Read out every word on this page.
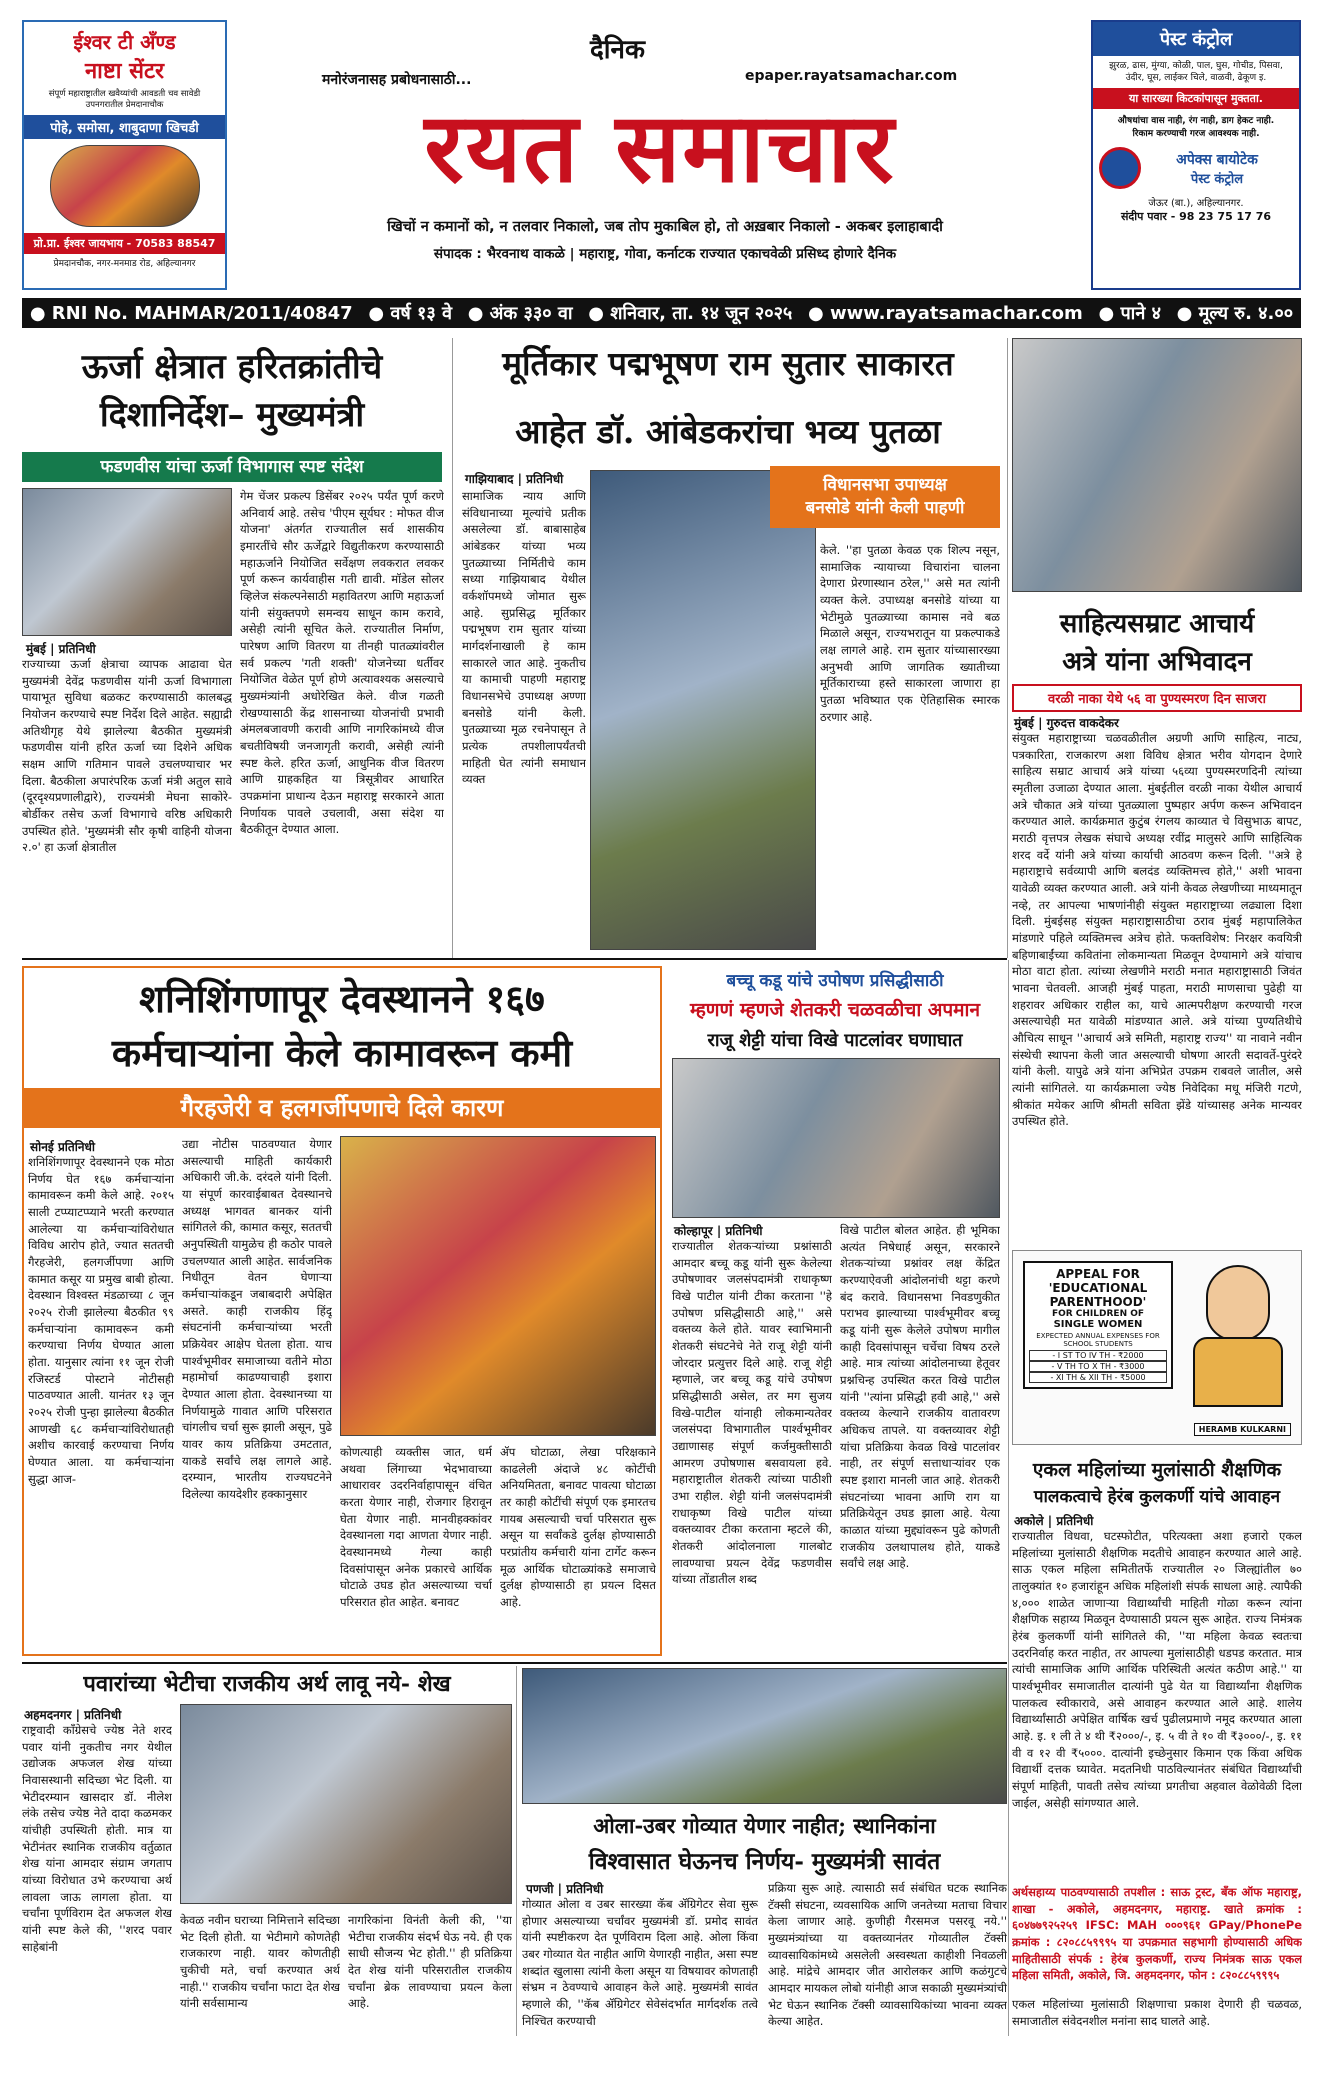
ईश्वर टी अँण्ड
नाष्टा सेंटर
संपूर्ण महाराष्ट्रातील खवैय्यांची आवडती चव सावेडी उपनगरातील प्रेमदानाचौक
पोहे, समोसा, शाबुदाणा खिचडी
प्रो.प्रा. ईश्वर जायभाय - 70583 88547
प्रेमदानचौक, नगर-मनमाड रोड, अहिल्यानगर
दैनिक
मनोरंजनासह प्रबोधनासाठी...	epaper.rayatsamachar.com
रयत समाचार
खिचों न कमानों को, न तलवार निकालो, जब तोप मुकाबिल हो, तो अख़बार निकालो - अकबर इलाहाबादी
संपादक : भैरवनाथ वाकळे | महाराष्ट्र, गोवा, कर्नाटक राज्यात एकाचवेळी प्रसिध्द होणारे दैनिक
पेस्ट कंट्रोल
झुरळ, ढास, मुंग्या, कोळी, पाल, घुस, गोचीड, पिसवा, उंदीर, घूस, लाईकर चिले, वाळवी, ढेकूण इ.
या सारख्या किटकांपासून मुक्तता.
औषधांचा वास नाही, रंग नाही, डाग हेकट नाही.
रिकाम करण्याची गरज आवश्यक नाही.
अपेक्स बायोटेक
पेस्ट कंट्रोल
जेऊर (बा.), अहिल्यानगर.
संदीप पवार - 98 23 75 17 76
● RNI No. MAHMAR/2011/40847 ● वर्ष १३ वे ● अंक ३३० वा ● शनिवार, ता. १४ जून २०२५ ● www.rayatsamachar.com ● पाने ४ ● मूल्य रु. ४.००
ऊर्जा क्षेत्रात हरितक्रांतीचे
दिशानिर्देश– मुख्यमंत्री
फडणवीस यांचा ऊर्जा विभागास स्पष्ट संदेश
मुंबई | प्रतिनिधी
राज्याच्या ऊर्जा क्षेत्राचा व्यापक आढावा घेत मुख्यमंत्री देवेंद्र फडणवीस यांनी ऊर्जा विभागाला पायाभूत सुविधा बळकट करण्यासाठी कालबद्ध नियोजन करण्याचे स्पष्ट निर्देश दिले आहेत. सह्याद्री अतिथीगृह येथे झालेल्या बैठकीत मुख्यमंत्री फडणवीस यांनी हरित ऊर्जा च्या दिशेने अधिक सक्षम आणि गतिमान पावले उचलण्याचार भर दिला. बैठकीला अपारंपरिक ऊर्जा मंत्री अतुल सावे (दूरदृश्यप्रणालीद्वारे), राज्यमंत्री मेघना साकोरे-बोर्डीकर तसेच ऊर्जा विभागाचे वरिष्ठ अधिकारी उपस्थित होते. 'मुख्यमंत्री सौर कृषी वाहिनी योजना २.०' हा ऊर्जा क्षेत्रातील
गेम चेंजर प्रकल्प डिसेंबर २०२५ पर्यंत पूर्ण करणे अनिवार्य आहे. तसेच 'पीएम सूर्यघर : मोफत वीज योजना' अंतर्गत राज्यातील सर्व शासकीय इमारतींचे सौर ऊर्जेद्वारे विद्युतीकरण करण्यासाठी महाऊर्जाने नियोजित सर्वेक्षण लवकरात लवकर पूर्ण करून कार्यवाहीस गती द्यावी. मॉडेल सोलर व्हिलेज संकल्पनेसाठी महावितरण आणि महाऊर्जा यांनी संयुक्तपणे समन्वय साधून काम करावे, असेही त्यांनी सूचित केले. राज्यातील निर्माण, पारेषण आणि वितरण या तीनही पातळ्यांवरील सर्व प्रकल्प 'गती शक्ती' योजनेच्या धर्तीवर नियोजित वेळेत पूर्ण होणे अत्यावश्यक असल्याचे मुख्यमंत्र्यांनी अधोरेखित केले. वीज गळती रोखण्यासाठी केंद्र शासनाच्या योजनांची प्रभावी अंमलबजावणी करावी आणि नागरिकांमध्ये वीज बचतीविषयी जनजागृती करावी, असेही त्यांनी स्पष्ट केले. हरित ऊर्जा, आधुनिक वीज वितरण आणि ग्राहकहित या त्रिसूत्रीवर आधारित उपक्रमांना प्राधान्य देऊन महाराष्ट्र सरकारने आता निर्णायक पावले उचलावी, असा संदेश या बैठकीतून देण्यात आला.
मूर्तिकार पद्मभूषण राम सुतार साकारत
आहेत डॉ. आंबेडकरांचा भव्य पुतळा
गाझियाबाद | प्रतिनिधी
सामाजिक न्याय आणि संविधानाच्या मूल्यांचे प्रतीक असलेल्या डॉ. बाबासाहेब आंबेडकर यांच्या भव्य पुतळ्याच्या निर्मितीचे काम सध्या गाझियाबाद येथील वर्कशॉपमध्ये जोमात सुरू आहे. सुप्रसिद्ध मूर्तिकार पद्मभूषण राम सुतार यांच्या मार्गदर्शनाखाली हे काम साकारले जात आहे. नुकतीच या कामाची पाहणी महाराष्ट्र विधानसभेचे उपाध्यक्ष अण्णा बनसोडे यांनी केली. पुतळ्याच्या मूळ रचनेपासून ते प्रत्येक तपशीलापर्यंतची माहिती घेत त्यांनी समाधान व्यक्त
विधानसभा उपाध्यक्ष
बनसोडे यांनी केली पाहणी
केले. ''हा पुतळा केवळ एक शिल्प नसून, सामाजिक न्यायाच्या विचारांना चालना देणारा प्रेरणास्थान ठरेल,'' असे मत त्यांनी व्यक्त केले. उपाध्यक्ष बनसोडे यांच्या या भेटीमुळे पुतळ्याच्या कामास नवे बळ मिळाले असून, राज्यभरातून या प्रकल्पाकडे लक्ष लागले आहे. राम सुतार यांच्यासारख्या अनुभवी आणि जागतिक ख्यातीच्या मूर्तिकाराच्या हस्ते साकारला जाणारा हा पुतळा भविष्यात एक ऐतिहासिक स्मारक ठरणार आहे.
साहित्यसम्राट आचार्य
अत्रे यांना अभिवादन
वरळी नाका येथे ५६ वा पुण्यस्मरण दिन साजरा
मुंबई | गुरुदत्त वाकदेकर
संयुक्त महाराष्ट्राच्या चळवळीतील अग्रणी आणि साहित्य, नाट्य, पत्रकारिता, राजकारण अशा विविध क्षेत्रात भरीव योगदान देणारे साहित्य सम्राट आचार्य अत्रे यांच्या ५६व्या पुण्यस्मरणदिनी त्यांच्या स्मृतीला उजाळा देण्यात आला. मुंबईतील वरळी नाका येथील आचार्य अत्रे चौकात अत्रे यांच्या पुतळ्याला पुष्पहार अर्पण करून अभिवादन करण्यात आले. कार्यक्रमात कुटुंब रंगलय काव्यात चे विसुभाऊ बापट, मराठी वृत्तपत्र लेखक संघाचे अध्यक्ष रवींद्र मालुसरे आणि साहित्यिक शरद वर्दे यांनी अत्रे यांच्या कार्याची आठवण करून दिली. ''अत्रे हे महाराष्ट्राचे सर्वव्यापी आणि बलदंड व्यक्तिमत्त्व होते,'' अशी भावना यावेळी व्यक्त करण्यात आली. अत्रे यांनी केवळ लेखणीच्या माध्यमातून नव्हे, तर आपल्या भाषणांनीही संयुक्त महाराष्ट्राच्या लढ्याला दिशा दिली. मुंबईसह संयुक्त महाराष्ट्रासाठीचा ठराव मुंबई महापालिकेत मांडणारे पहिले व्यक्तिमत्त्व अत्रेच होते. फक्तविशेष: निरक्षर कवयित्री बहिणाबाईंच्या कवितांना लोकमान्यता मिळवून देण्यामागे अत्रे यांचाच मोठा वाटा होता. त्यांच्या लेखणीने मराठी मनात महाराष्ट्रासाठी जिवंत भावना चेतवली. आजही मुंबई पाहता, मराठी माणसाचा पुढेही या शहरावर अधिकार राहील का, याचे आत्मपरीक्षण करण्याची गरज असल्याचेही मत यावेळी मांडण्यात आले. अत्रे यांच्या पुण्यतिथीचे औचित्य साधून ''आचार्य अत्रे समिती, महाराष्ट्र राज्य'' या नावाने नवीन संस्थेची स्थापना केली जात असल्याची घोषणा आरती सदावर्ते-पुरंदरे यांनी केली. यापुढे अत्रे यांना अभिप्रेत उपक्रम राबवले जातील, असे त्यांनी सांगितले. या कार्यक्रमाला ज्येष्ठ निवेदिका मधू मंजिरी गटणे, श्रीकांत मयेकर आणि श्रीमती सविता झेंडे यांच्यासह अनेक मान्यवर उपस्थित होते.
APPEAL FOR
'EDUCATIONAL
PARENTHOOD'
FOR CHILDREN OF
SINGLE WOMEN
EXPECTED ANNUAL EXPENSES FOR SCHOOL STUDENTS
- I ST TO IV TH - ₹2000
- V TH TO X TH - ₹3000
- XI TH & XII TH - ₹5000
HERAMB KULKARNI
एकल महिलांच्या मुलांसाठी शैक्षणिक
पालकत्वाचे हेरंब कुलकर्णी यांचे आवाहन
अकोले | प्रतिनिधी
राज्यातील विधवा, घटस्फोटीत, परित्यक्ता अशा हजारो एकल महिलांच्या मुलांसाठी शैक्षणिक मदतीचे आवाहन करण्यात आले आहे. साऊ एकल महिला समितीतर्फे राज्यातील २० जिल्ह्यांतील ७० तालुक्यांत १० हजारांहून अधिक महिलांशी संपर्क साधला आहे. त्यापैकी ४,००० शाळेत जाणाऱ्या विद्यार्थ्यांची माहिती गोळा करून त्यांना शैक्षणिक सहाय्य मिळवून देण्यासाठी प्रयत्न सुरू आहेत. राज्य निमंत्रक हेरंब कुलकर्णी यांनी सांगितले की, ''या महिला केवळ स्वतःचा उदरनिर्वाह करत नाहीत, तर आपल्या मुलांसाठीही धडपड करतात. मात्र त्यांची सामाजिक आणि आर्थिक परिस्थिती अत्यंत कठीण आहे.'' या पार्श्वभूमीवर समाजातील दात्यांनी पुढे येत या विद्यार्थ्यांना शैक्षणिक पालकत्व स्वीकारावे, असे आवाहन करण्यात आले आहे. शालेय विद्यार्थ्यांसाठी अपेक्षित वार्षिक खर्च पुढीलप्रमाणे नमूद करण्यात आला आहे. इ. १ ली ते ४ थी ₹२०००/-, इ. ५ वी ते १० वी ₹३०००/-, इ. ११ वी व १२ वी ₹५०००. दात्यांनी इच्छेनुसार किमान एक किंवा अधिक विद्यार्थी दत्तक घ्यावेत. मदतनिधी पाठविल्यानंतर संबंधित विद्यार्थ्यांची संपूर्ण माहिती, पावती तसेच त्यांच्या प्रगतीचा अहवाल वेळोवेळी दिला जाईल, असेही सांगण्यात आले.
अर्थसहाय्य पाठवण्यासाठी तपशील : साऊ ट्रस्ट, बँक ऑफ महाराष्ट्र, शाखा - अकोले, अहमदनगर, महाराष्ट्र. खाते क्रमांक : ६०४७७९२५२५९ IFSC: MAH ०००९६१ GPay/PhonePe क्रमांक : ८२०८८५९९९५ या उपक्रमात सहभागी होण्यासाठी अधिक माहितीसाठी संपर्क : हेरंब कुलकर्णी, राज्य निमंत्रक साऊ एकल महिला समिती, अकोले, जि. अहमदनगर, फोन : ८२०८८५९९९५
एकल महिलांच्या मुलांसाठी शिक्षणाचा प्रकाश देणारी ही चळवळ, समाजातील संवेदनशील मनांना साद घालते आहे.
शनिशिंगणापूर देवस्थानने १६७
कर्मचाऱ्यांना केले कामावरून कमी
गैरहजेरी व हलगर्जीपणाचे दिले कारण
सोनई प्रतिनिधी
शनिशिंगणापूर देवस्थानने एक मोठा निर्णय घेत १६७ कर्मचाऱ्यांना कामावरून कमी केले आहे. २०१५ साली टप्प्याटप्प्याने भरती करण्यात आलेल्या या कर्मचाऱ्यांविरोधात विविध आरोप होते, ज्यात सततची गैरहजेरी, हलगर्जीपणा आणि कामात कसूर या प्रमुख बाबी होत्या. देवस्थान विश्वस्त मंडळाच्या ८ जून २०२५ रोजी झालेल्या बैठकीत ९९ कर्मचाऱ्यांना कामावरून कमी करण्याचा निर्णय घेण्यात आला होता. यानुसार त्यांना ११ जून रोजी रजिस्टर्ड पोस्टाने नोटीसही पाठवण्यात आली. यानंतर १३ जून २०२५ रोजी पुन्हा झालेल्या बैठकीत आणखी ६८ कर्मचाऱ्यांविरोधातही अशीच कारवाई करण्याचा निर्णय घेण्यात आला. या कर्मचाऱ्यांना सुद्धा आज-
उद्या नोटीस पाठवण्यात येणार असल्याची माहिती कार्यकारी अधिकारी जी.के. दरंदले यांनी दिली. या संपूर्ण कारवाईबाबत देवस्थानचे अध्यक्ष भागवत बानकर यांनी सांगितले की, कामात कसूर, सततची अनुपस्थिती यामुळेच ही कठोर पावले उचलण्यात आली आहेत. सार्वजनिक निधीतून वेतन घेणाऱ्या कर्मचाऱ्यांकडून जबाबदारी अपेक्षित असते. काही राजकीय हिंदू संघटनांनी कर्मचाऱ्यांच्या भरती प्रक्रियेवर आक्षेप घेतला होता. याच पार्श्वभूमीवर समाजाच्या वतीने मोठा महामोर्चा काढण्याचाही इशारा देण्यात आला होता. देवस्थानच्या या निर्णयामुळे गावात आणि परिसरात चांगलीच चर्चा सुरू झाली असून, पुढे यावर काय प्रतिक्रिया उमटतात, याकडे सर्वांचे लक्ष लागले आहे. दरम्यान, भारतीय राज्यघटनेने दिलेल्या कायदेशीर हक्कानुसार
कोणत्याही व्यक्तीस जात, धर्म अथवा लिंगाच्या भेदभावाच्या आधारावर उदरनिर्वाहापासून वंचित करता येणार नाही, रोजगार हिरावून घेता येणार नाही. मानवीहक्कांवर देवस्थानला गदा आणता येणार नाही. देवस्थानमध्ये गेल्या काही दिवसांपासून अनेक प्रकारचे आर्थिक घोटाळे उघड होत असल्याच्या चर्चा परिसरात होत आहेत. बनावट
ॲप घोटाळा, लेखा परिक्षकाने काढलेली अंदाजे ४८ कोटींची अनियमितता, बनावट पावत्या घोटाळा तर काही कोटींची संपूर्ण एक इमारतच गायब असल्याची चर्चा परिसरात सुरू असून या सर्वांकडे दुर्लक्ष होण्यासाठी परप्रांतीय कर्मचारी यांना टार्गेट करून मूळ आर्थिक घोटाळ्यांकडे समाजाचे दुर्लक्ष होण्यासाठी हा प्रयत्न दिसत आहे.
बच्चू कडू यांचे उपोषण प्रसिद्धीसाठी
म्हणणं म्हणजे शेतकरी चळवळीचा अपमान
राजू शेट्टी यांचा विखे पाटलांवर घणाघात
कोल्हापूर | प्रतिनिधी
राज्यातील शेतकऱ्यांच्या प्रश्नांसाठी आमदार बच्चू कडू यांनी सुरू केलेल्या उपोषणावर जलसंपदामंत्री राधाकृष्ण विखे पाटील यांनी टीका करताना ''हे उपोषण प्रसिद्धीसाठी आहे,'' असे वक्तव्य केले होते. यावर स्वाभिमानी शेतकरी संघटनेचे नेते राजू शेट्टी यांनी जोरदार प्रत्युत्तर दिले आहे. राजू शेट्टी म्हणाले, जर बच्चू कडू यांचे उपोषण प्रसिद्धीसाठी असेल, तर मग सुजय विखे-पाटील यांनाही लोकमान्यतेवर जलसंपदा विभागातील पार्श्वभूमीवर उद्याणासह संपूर्ण कर्जमुक्तीसाठी आमरण उपोषणास बसवायला हवे. महाराष्ट्रातील शेतकरी त्यांच्या पाठीशी उभा राहील. शेट्टी यांनी जलसंपदामंत्री राधाकृष्ण विखे पाटील यांच्या वक्तव्यावर टीका करताना म्हटले की, शेतकरी आंदोलनाला गालबोट लावण्याचा प्रयत्न देवेंद्र फडणवीस यांच्या तोंडातील शब्द
विखे पाटील बोलत आहेत. ही भूमिका अत्यंत निषेधार्ह असून, सरकारने शेतकऱ्यांच्या प्रश्नांवर लक्ष केंद्रित करण्याऐवजी आंदोलनांची थट्टा करणे बंद करावे. विधानसभा निवडणुकीत पराभव झाल्याच्या पार्श्वभूमीवर बच्चू कडू यांनी सुरू केलेले उपोषण मागील काही दिवसांपासून चर्चेचा विषय ठरले आहे. मात्र त्यांच्या आंदोलनाच्या हेतूवर प्रश्नचिन्ह उपस्थित करत विखे पाटील यांनी ''त्यांना प्रसिद्धी हवी आहे,'' असे वक्तव्य केल्याने राजकीय वातावरण अधिकच तापले. या वक्तव्यावर शेट्टी यांचा प्रतिक्रिया केवळ विखे पाटलांवर नाही, तर संपूर्ण सत्ताधाऱ्यांवर एक स्पष्ट इशारा मानली जात आहे. शेतकरी संघटनांच्या भावना आणि राग या प्रतिक्रियेतून उघड झाला आहे. येत्या काळात यांच्या मुद्द्यांवरून पुढे कोणती राजकीय उलथापालथ होते, याकडे सर्वांचे लक्ष आहे.
पवारांच्या भेटीचा राजकीय अर्थ लावू नये- शेख
अहमदनगर | प्रतिनिधी
राष्ट्रवादी कॉंग्रेसचे ज्येष्ठ नेते शरद पवार यांनी नुकतीच नगर येथील उद्योजक अफजल शेख यांच्या निवासस्थानी सदिच्छा भेट दिली. या भेटीदरम्यान खासदार डॉ. नीलेश लंके तसेच ज्येष्ठ नेते दादा कळमकर यांचीही उपस्थिती होती. मात्र या भेटीनंतर स्थानिक राजकीय वर्तुळात शेख यांना आमदार संग्राम जगताप यांच्या विरोधात उभे करण्याचा अर्थ लावला जाऊ लागला होता. या चर्चांना पूर्णविराम देत अफजल शेख यांनी स्पष्ट केले की, ''शरद पवार साहेबांनी
केवळ नवीन घराच्या निमित्ताने सदिच्छा भेट दिली होती. या भेटीमागे कोणतेही राजकारण नाही. यावर कोणतीही चुकीची मते, चर्चा करण्यात अर्थ नाही.'' राजकीय चर्चांना फाटा देत शेख यांनी सर्वसामान्य
नागरिकांना विनंती केली की, ''या भेटीचा राजकीय संदर्भ घेऊ नये. ही एक साधी सौजन्य भेट होती.'' ही प्रतिक्रिया देत शेख यांनी परिसरातील राजकीय चर्चांना ब्रेक लावण्याचा प्रयत्न केला आहे.
ओला-उबर गोव्यात येणार नाहीत; स्थानिकांना
विश्वासात घेऊनच निर्णय- मुख्यमंत्री सावंत
पणजी | प्रतिनिधी
गोव्यात ओला व उबर सारख्या कॅब ॲग्रिगेटर सेवा सुरू होणार असल्याच्या चर्चांवर मुख्यमंत्री डॉ. प्रमोद सावंत यांनी स्पष्टीकरण देत पूर्णविराम दिला आहे. ओला किंवा उबर गोव्यात येत नाहीत आणि येणारही नाहीत, असा स्पष्ट शब्दांत खुलासा त्यांनी केला असून या विषयावर कोणताही संभ्रम न ठेवण्याचे आवाहन केले आहे. मुख्यमंत्री सावंत म्हणाले की, ''कॅब ॲग्रिगेटर सेवेसंदर्भात मार्गदर्शक तत्वे निश्चित करण्याची
प्रक्रिया सुरू आहे. त्यासाठी सर्व संबंधित घटक स्थानिक टॅक्सी संघटना, व्यवसायिक आणि जनतेच्या मताचा विचार केला जाणार आहे. कुणीही गैरसमज पसरवू नये.'' मुख्यमंत्र्यांच्या या वक्तव्यानंतर गोव्यातील टॅक्सी व्यावसायिकांमध्ये असलेली अस्वस्थता काहीशी निवळली आहे. मांद्रेचे आमदार जीत आरोलकर आणि कळंगुटचे आमदार मायकल लोबो यांनीही आज सकाळी मुख्यमंत्र्यांची भेट घेऊन स्थानिक टॅक्सी व्यावसायिकांच्या भावना व्यक्त केल्या आहेत.
